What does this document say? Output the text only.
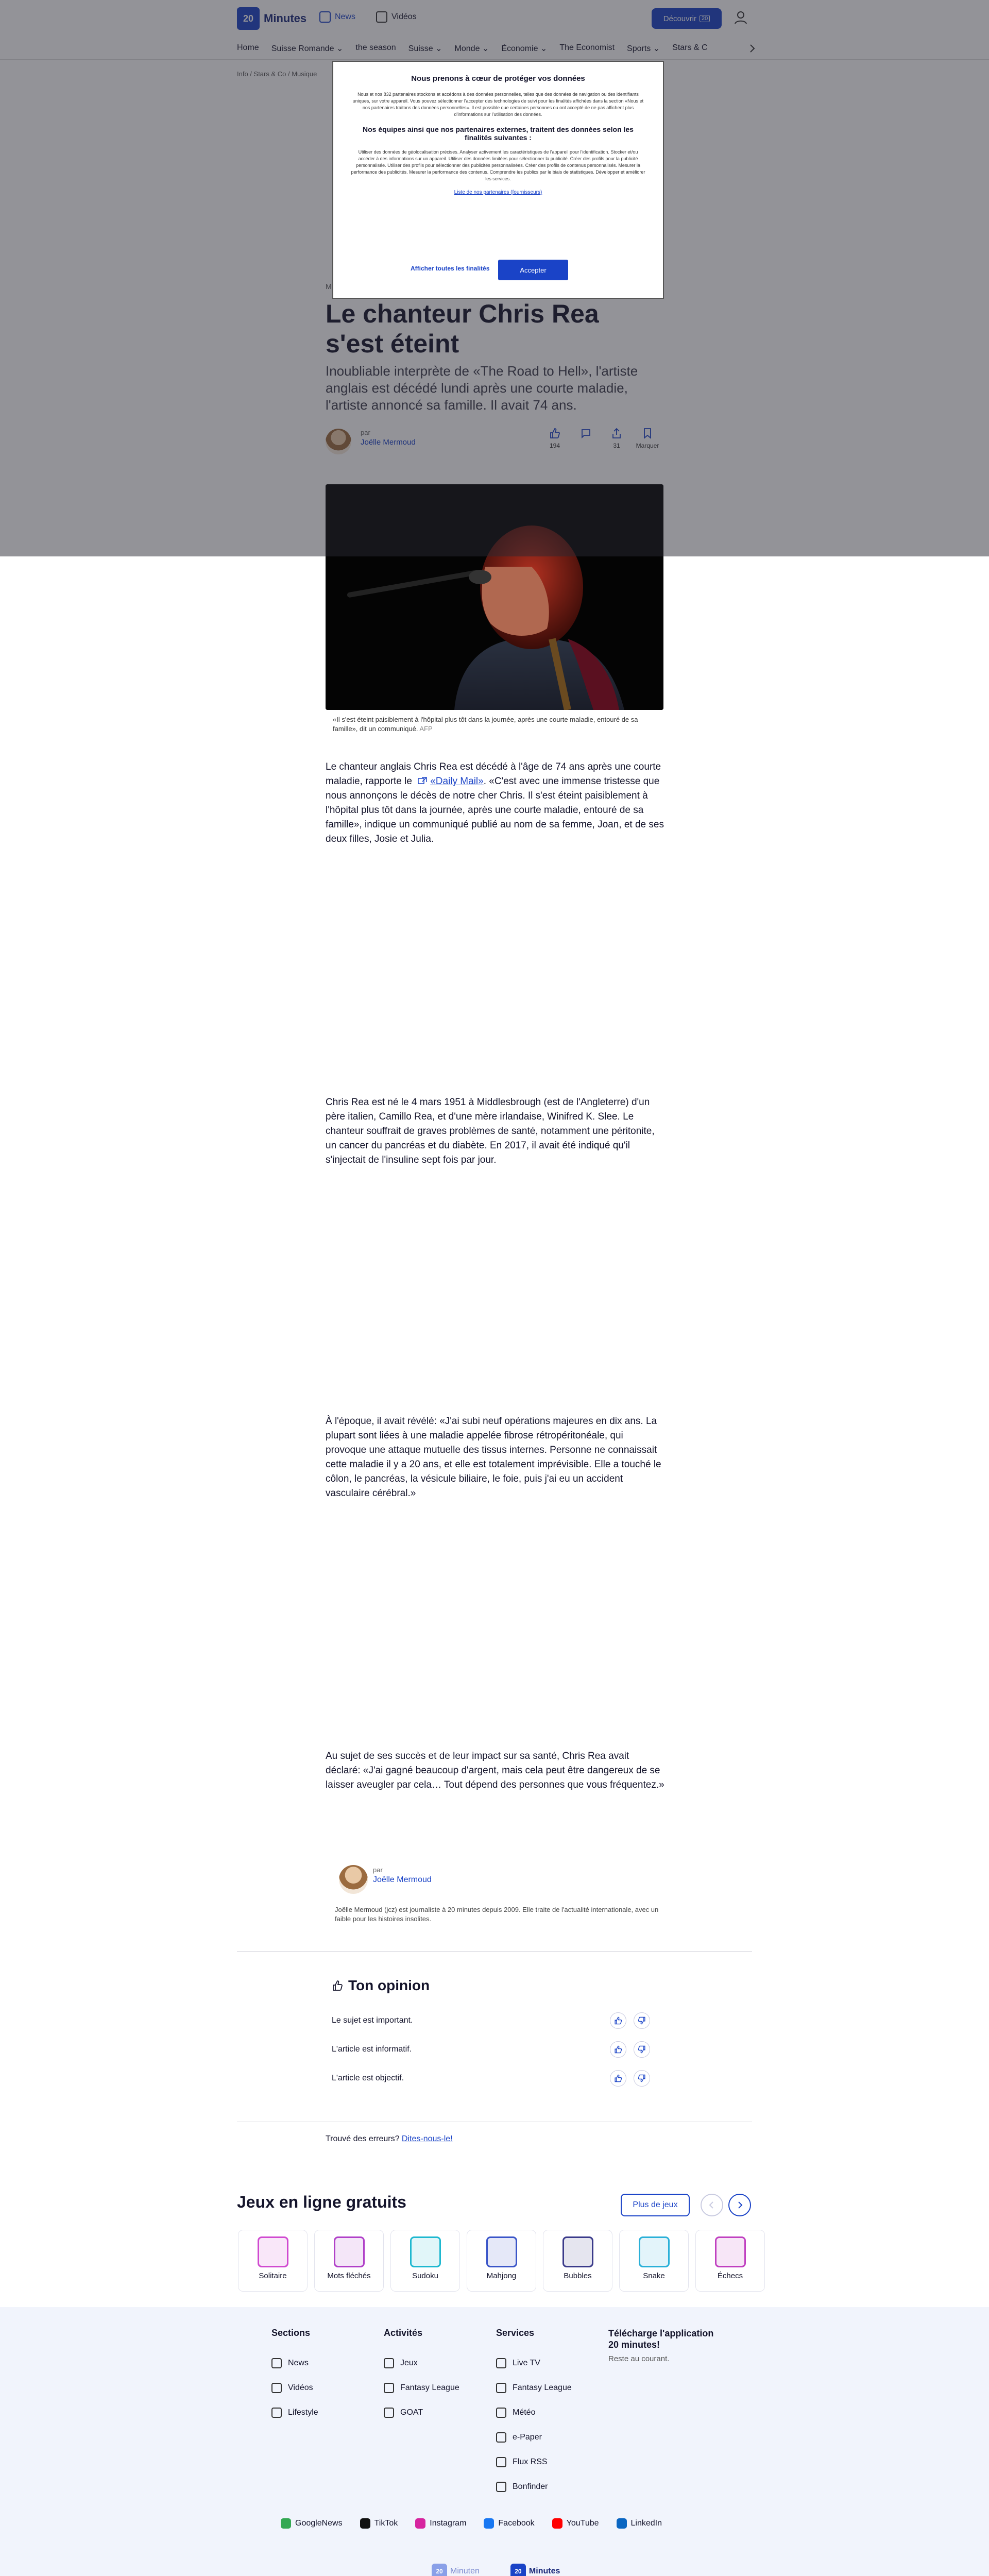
«Il s'est éteint paisiblement à l'hôpital plus tôt dans la journée, après une courte maladie, entouré de sa famille», dit un communiqué. AFP

Le chanteur anglais Chris Rea est décédé à l'âge de 74 ans après une courte maladie, rapporte le «Daily Mail». «C'est avec une immense tristesse que nous annonçons le décès de notre cher Chris. Il s'est éteint paisiblement à l'hôpital plus tôt dans la journée, après une courte maladie, entouré de sa famille», indique un communiqué publié au nom de sa femme, Joan, et de ses deux filles, Josie et Julia.

Chris Rea est né le 4 mars 1951 à Middlesbrough (est de l'Angleterre) d'un père italien, Camillo Rea, et d'une mère irlandaise, Winifred K. Slee. Le chanteur souffrait de graves problèmes de santé, notamment une péritonite, un cancer du pancréas et du diabète. En 2017, il avait été indiqué qu'il s'injectait de l'insuline sept fois par jour.

À l'époque, il avait révélé: «J'ai subi neuf opérations majeures en dix ans. La plupart sont liées à une maladie appelée fibrose rétropéritonéale, qui provoque une attaque mutuelle des tissus internes. Personne ne connaissait cette maladie il y a 20 ans, et elle est totalement imprévisible. Elle a touché le côlon, le pancréas, la vésicule biliaire, le foie, puis j'ai eu un accident vasculaire cérébral.»

Au sujet de ses succès et de leur impact sur sa santé, Chris Rea avait déclaré: «J'ai gagné beaucoup d'argent, mais cela peut être dangereux de se laisser aveugler par cela… Tout dépend des personnes que vous fréquentez.»

par
Joëlle Mermoud

Joëlle Mermoud (jcz) est journaliste à 20 minutes depuis 2009. Elle traite de l'actualité internationale, avec un faible pour les histoires insolites.

Ton opinion
Le sujet est important.
L'article est informatif.
L'article est objectif.

Trouvé des erreurs? Dites-nous-le!

Jeux en ligne gratuits	Plus de jeux
Solitaire	Mots fléchés	Sudoku	Mahjong	Bubbles	Snake	Échecs
Sections
News
Vidéos
Lifestyle
Activités
Jeux
Fantasy League
GOAT
Services
Live TV
Fantasy League
Météo
e-Paper
Flux RSS
Bonfinder
Télécharge l'application 20 minutes!

Reste au courant.

GoogleNews	TikTok	Instagram	Facebook	YouTube	LinkedIn
20 Minuten	20 Minutes
Nous prenons à cœur de protéger vos données

Nous et nos 832 partenaires stockons et accédons à des données personnelles, telles que des données de navigation ou des identifiants uniques, sur votre appareil. Vous pouvez sélectionner l'accepter des technologies de suivi pour les finalités affichées dans la section «Nous et nos partenaires traitons des données personnelles». Il est possible que certaines personnes ou ont accepté de ne pas affichent plus d'informations sur l'utilisation des données.

Nos équipes ainsi que nos partenaires externes, traitent des données selon les finalités suivantes :

Utiliser des données de géolocalisation précises. Analyser activement les caractéristiques de l'appareil pour l'identification. Stocker et/ou accéder à des informations sur un appareil. Utiliser des données limitées pour sélectionner la publicité. Créer des profils pour la publicité personnalisée. Utiliser des profils pour sélectionner des publicités personnalisées. Créer des profils de contenus personnalisés. Mesurer la performance des publicités. Mesurer la performance des contenus. Comprendre les publics par le biais de statistiques. Développer et améliorer les services.

Liste de nos partenaires (fournisseurs)
Afficher toutes les finalités	Accepter
